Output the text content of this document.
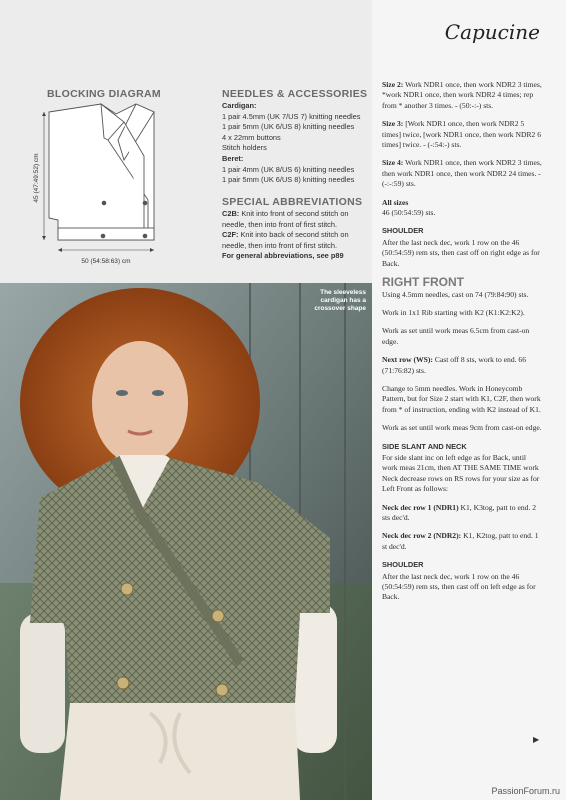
Capucine
BLOCKING DIAGRAM
45 (47:49:52) cm
50 (54:58:63) cm
NEEDLES & ACCESSORIES
Cardigan:
1 pair 4.5mm (UK 7/US 7) knitting needles
1 pair 5mm (UK 6/US 8) knitting needles
4 x 22mm buttons
Stitch holders
Beret:
1 pair 4mm (UK 8/US 6) knitting needles
1 pair 5mm (UK 6/US 8) knitting needles
SPECIAL ABBREVIATIONS
C2B: Knit into front of second stitch on needle, then into front of first stitch.
C2F: Knit into back of second stitch on needle, then into front of first stitch.
For general abbreviations, see p89
The sleeveless cardigan has a crossover shape

Size 2: Work NDR1 once, then work NDR2 3 times, *work NDR1 once, then work NDR2 4 times; rep from * another 3 times. - (50:-:-) sts.

Size 3: [Work NDR1 once, then work NDR2 5 times] twice, [work NDR1 once, then work NDR2 6 times] twice. - (-:54:-) sts.

Size 4: Work NDR1 once, then work NDR2 3 times, then work NDR1 once, then work NDR2 24 times. - (-:-:59) sts.

All sizes

46 (50:54:59) sts.

SHOULDER

After the last neck dec, work 1 row on the 46 (50:54:59) rem sts, then cast off on right edge as for Back.

RIGHT FRONT

Using 4.5mm needles, cast on 74 (79:84:90) sts.

Work in 1x1 Rib starting with K2 (K1:K2:K2).

Work as set until work meas 6.5cm from cast-on edge.

Next row (WS): Cast off 8 sts, work to end. 66 (71:76:82) sts.

Change to 5mm needles. Work in Honeycomb Pattern, but for Size 2 start with K1, C2F, then work from * of instruction, ending with K2 instead of K1.

Work as set until work meas 9cm from cast-on edge.

SIDE SLANT AND NECK

For side slant inc on left edge as for Back, until work meas 21cm, then AT THE SAME TIME work Neck decrease rows on RS rows for your size as for Left Front as follows:

Neck dec row 1 (NDR1) K1, K3tog, patt to end. 2 sts dec'd.

Neck dec row 2 (NDR2): K1, K2tog, patt to end. 1 st dec'd.

SHOULDER

After the last neck dec, work 1 row on the 46 (50:54:59) rem sts, then cast off on left edge as for Back.

▶
PassionForum.ru
